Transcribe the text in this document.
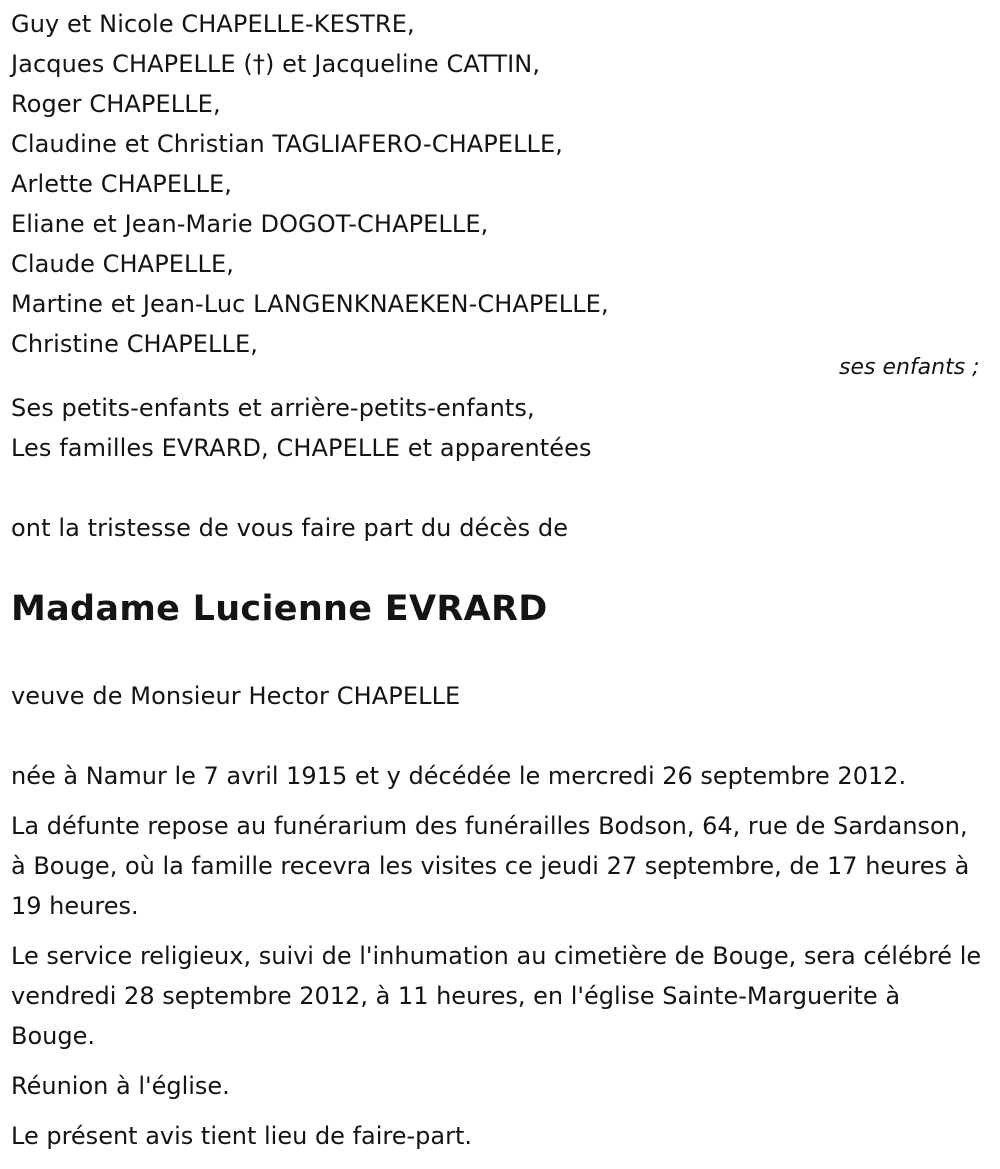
Guy et Nicole CHAPELLE-KESTRE,
Jacques CHAPELLE (†) et Jacqueline CATTIN,
Roger CHAPELLE,
Claudine et Christian TAGLIAFERO-CHAPELLE,
Arlette CHAPELLE,
Eliane et Jean-Marie DOGOT-CHAPELLE,
Claude CHAPELLE,
Martine et Jean-Luc LANGENKNAEKEN-CHAPELLE,
Christine CHAPELLE,
ses enfants ;
Ses petits-enfants et arrière-petits-enfants,
Les familles EVRARD, CHAPELLE et apparentées
ont la tristesse de vous faire part du décès de
Madame Lucienne EVRARD
veuve de Monsieur Hector CHAPELLE
née à Namur le 7 avril 1915 et y décédée le mercredi 26 septembre 2012.
La défunte repose au funérarium des funérailles Bodson, 64, rue de Sardanson, à Bouge, où la famille recevra les visites ce jeudi 27 septembre, de 17 heures à 19 heures.
Le service religieux, suivi de l'inhumation au cimetière de Bouge, sera célébré le vendredi 28 septembre 2012, à 11 heures, en l'église Sainte-Marguerite à Bouge.
Réunion à l'église.
Le présent avis tient lieu de faire-part.
